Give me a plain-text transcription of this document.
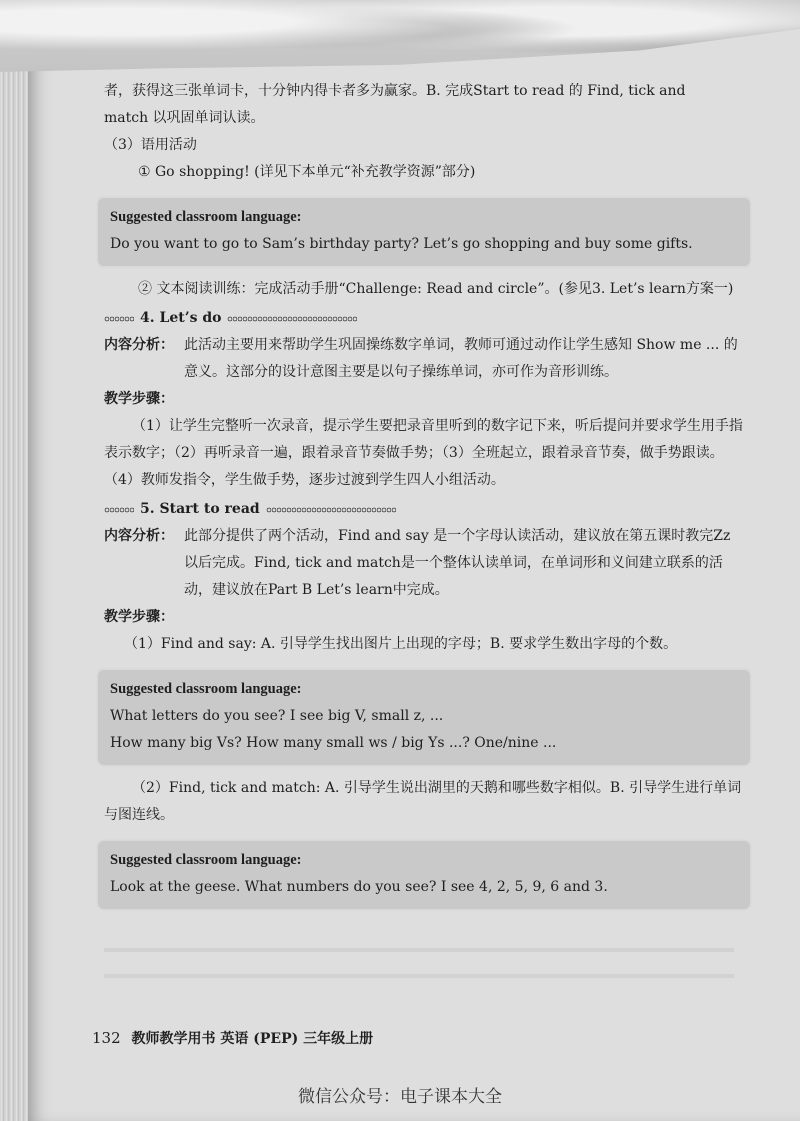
者，获得这三张单词卡，十分钟内得卡者多为赢家。B. 完成Start to read 的 Find, tick and

match 以巩固单词认读。

（3）语用活动

① Go shopping! (详见下本单元“补充教学资源”部分)

Suggested classroom language:

Do you want to go to Sam’s birthday party? Let’s go shopping and buy some gifts.

② 文本阅读训练：完成活动手册“Challenge: Read and circle”。(参见3. Let’s learn方案一)

4. Let’s do
内容分析： 此活动主要用来帮助学生巩固操练数字单词，教师可通过动作让学生感知 Show me ... 的意义。这部分的设计意图主要是以句子操练单词，亦可作为音形训练。

教学步骤：

（1）让学生完整听一次录音，提示学生要把录音里听到的数字记下来，听后提问并要求学生用手指表示数字；（2）再听录音一遍，跟着录音节奏做手势；（3）全班起立，跟着录音节奏，做手势跟读。（4）教师发指令，学生做手势，逐步过渡到学生四人小组活动。

5. Start to read
内容分析： 此部分提供了两个活动，Find and say 是一个字母认读活动，建议放在第五课时教完Zz以后完成。Find, tick and match是一个整体认读单词，在单词形和义间建立联系的活动，建议放在Part B Let’s learn中完成。

教学步骤：

（1）Find and say: A. 引导学生找出图片上出现的字母；B. 要求学生数出字母的个数。

Suggested classroom language:

What letters do you see? I see big V, small z, ...

How many big Vs? How many small ws / big Ys ...? One/nine ...

（2）Find, tick and match: A. 引导学生说出湖里的天鹅和哪些数字相似。B. 引导学生进行单词与图连线。

Suggested classroom language:

Look at the geese. What numbers do you see? I see 4, 2, 5, 9, 6 and 3.

132 教师教学用书 英语 (PEP) 三年级上册
微信公众号：电子课本大全
